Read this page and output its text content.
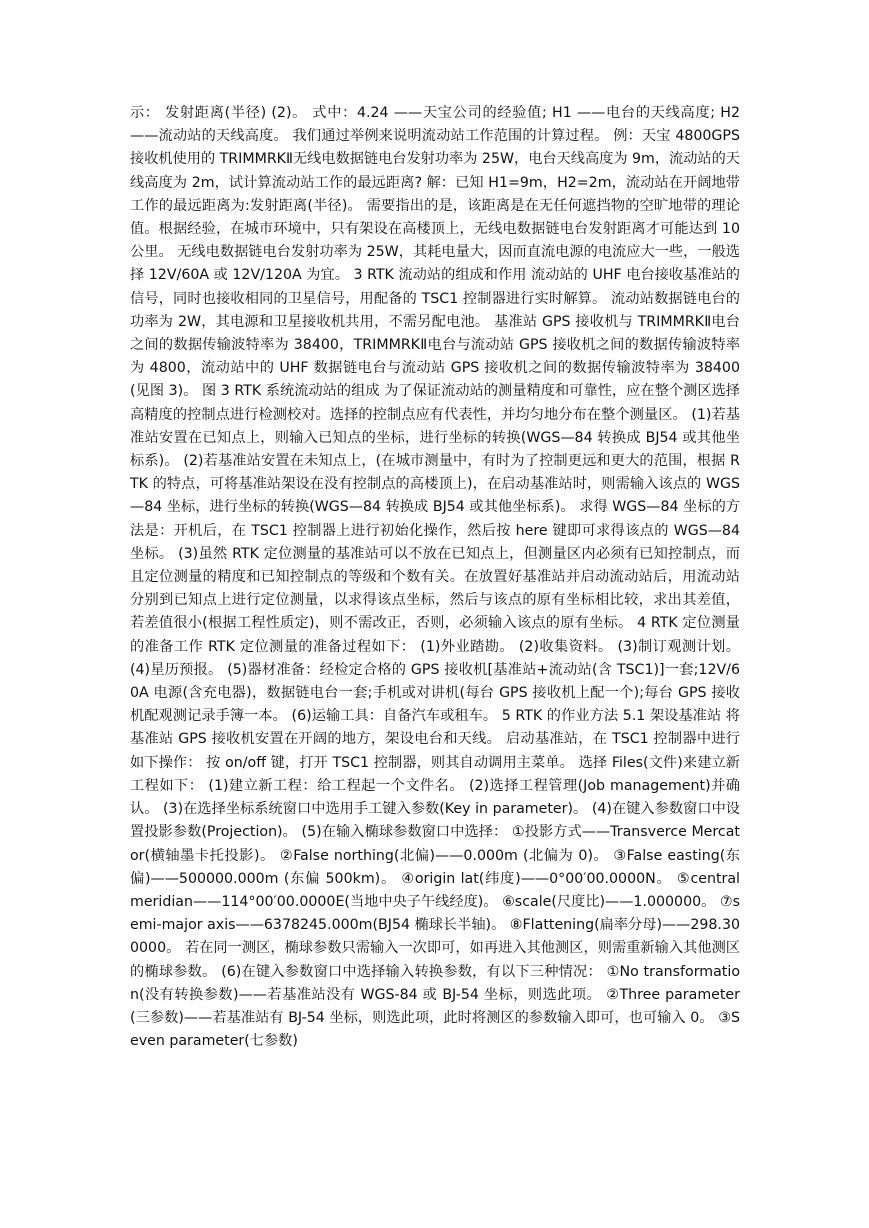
示： 发射距离(半径) (2)。 式中：4.24 ——天宝公司的经验值; H1 ——电台的天线高度; H2 ——流动站的天线高度。 我们通过举例来说明流动站工作范围的计算过程。 例：天宝 4800GPS 接收机使用的 TRIMMRKⅡ无线电数据链电台发射功率为 25W，电台天线高度为 9m，流动站的天线高度为 2m，试计算流动站工作的最远距离? 解：已知 H1=9m，H2=2m，流动站在开阔地带工作的最远距离为:发射距离(半径)。 需要指出的是，该距离是在无任何遮挡物的空旷地带的理论值。根据经验，在城市环境中，只有架设在高楼顶上，无线电数据链电台发射距离才可能达到 10 公里。 无线电数据链电台发射功率为 25W，其耗电量大，因而直流电源的电流应大一些，一般选择 12V/60A 或 12V/120A 为宜。 3 RTK 流动站的组成和作用 流动站的 UHF 电台接收基准站的信号，同时也接收相同的卫星信号，用配备的 TSC1 控制器进行实时解算。 流动站数据链电台的功率为 2W，其电源和卫星接收机共用，不需另配电池。 基准站 GPS 接收机与 TRIMMRKⅡ电台之间的数据传输波特率为 38400，TRIMMRKⅡ电台与流动站 GPS 接收机之间的数据传输波特率为 4800，流动站中的 UHF 数据链电台与流动站 GPS 接收机之间的数据传输波特率为 38400(见图 3)。 图 3 RTK 系统流动站的组成 为了保证流动站的测量精度和可靠性，应在整个测区选择高精度的控制点进行检测校对。选择的控制点应有代表性，并均匀地分布在整个测量区。 (1)若基准站安置在已知点上，则输入已知点的坐标，进行坐标的转换(WGS—84 转换成 BJ54 或其他坐标系)。 (2)若基准站安置在未知点上，(在城市测量中，有时为了控制更远和更大的范围，根据 RTK 的特点，可将基准站架设在没有控制点的高楼顶上)，在启动基准站时，则需输入该点的 WGS—84 坐标，进行坐标的转换(WGS—84 转换成 BJ54 或其他坐标系)。 求得 WGS—84 坐标的方法是：开机后，在 TSC1 控制器上进行初始化操作，然后按 here 键即可求得该点的 WGS—84 坐标。 (3)虽然 RTK 定位测量的基准站可以不放在已知点上，但测量区内必须有已知控制点，而且定位测量的精度和已知控制点的等级和个数有关。在放置好基准站并启动流动站后，用流动站分别到已知点上进行定位测量，以求得该点坐标，然后与该点的原有坐标相比较，求出其差值，若差值很小(根据工程性质定)，则不需改正，否则，必须输入该点的原有坐标。 4 RTK 定位测量的准备工作 RTK 定位测量的准备过程如下： (1)外业踏勘。 (2)收集资料。 (3)制订观测计划。 (4)星历预报。 (5)器材准备：经检定合格的 GPS 接收机[基准站+流动站(含 TSC1)]一套;12V/60A 电源(含充电器)，数据链电台一套;手机或对讲机(每台 GPS 接收机上配一个);每台 GPS 接收机配观测记录手簿一本。 (6)运输工具：自备汽车或租车。 5 RTK 的作业方法 5.1 架设基准站 将基准站 GPS 接收机安置在开阔的地方，架设电台和天线。 启动基准站，在 TSC1 控制器中进行如下操作： 按 on/off 键，打开 TSC1 控制器，则其自动调用主菜单。 选择 Files(文件)来建立新工程如下： (1)建立新工程：给工程起一个文件名。 (2)选择工程管理(Job management)并确认。 (3)在选择坐标系统窗口中选用手工键入参数(Key in parameter)。 (4)在键入参数窗口中设置投影参数(Projection)。 (5)在输入椭球参数窗口中选择： ①投影方式——Transverce Mercator(横轴墨卡托投影)。 ②False northing(北偏)——0.000m (北偏为 0)。 ③False easting(东偏)——500000.000m (东偏 500km)。 ④origin lat(纬度)——0°00′00.0000N。 ⑤central meridian——114°00′00.0000E(当地中央子午线经度)。 ⑥scale(尺度比)——1.000000。 ⑦semi-major axis——6378245.000m(BJ54 椭球长半轴)。 ⑧Flattening(扁率分母)——298.300000。 若在同一测区，椭球参数只需输入一次即可，如再进入其他测区，则需重新输入其他测区的椭球参数。 (6)在键入参数窗口中选择输入转换参数，有以下三种情况： ①No transformation(没有转换参数)——若基准站没有 WGS-84 或 BJ-54 坐标，则选此项。 ②Three parameter(三参数)——若基准站有 BJ-54 坐标，则选此项，此时将测区的参数输入即可，也可输入 0。 ③Seven parameter(七参数)
